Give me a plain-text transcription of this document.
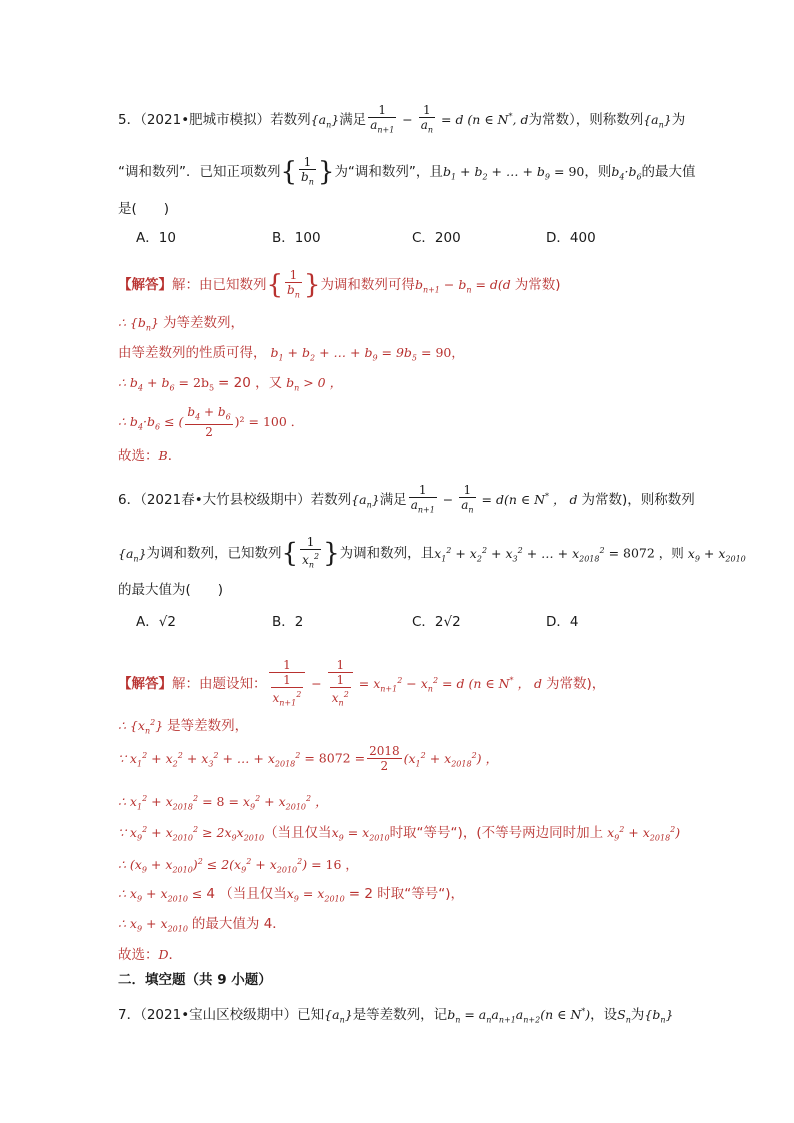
5．（2021•肥城市模拟）若数列$\{a_n\}$满足 $\frac{1}{a_{n+1}} - \frac{1}{a_n} = d$ (n ∈ N*, d为常数），则称数列$\{a_n\}$为
“调和数列”．已知正项数列{ $\frac{1}{b_n}$ }为“调和数列”，且$b_1 + b_2$ + … + $b_9 = 90$，则$b_4\cdot b_6$的最大值
是(　　)
A．10	B．100	C．200	D．400
【解答】解：由已知数列{ $\frac{1}{b_n}$ }为调和数列可得$b_{n+1} - b_n = d(d$ 为常数)
∴ $\{b_n\}$ 为等差数列，
由等差数列的性质可得， $b_1 + b_2$ + … + $b_9 = 9b_5 = 90$，
∴ $b_4 + b_6 = 2b_5 = 20$ ，又 $b_n > 0$ ，
∴ $b_4\cdot b_6$ ≤ ( $\frac{b_4 + b_6}{2} )^2 = 100$ ．
故选：B．
6．（2021春•大竹县校级期中）若数列$\{a_n\}$满足 $\frac{1}{a_{n+1}} - \frac{1}{a_n} = d(n$ ∈ N* ， d 为常数)，则称数列
$\{a_n\}$为调和数列，已知数列{ $\frac{1}{x_n^2}$ }为调和数列，且$x_1^2 + x_2^2 + x_3^2$ + … + $x_{2018}^2 = 8072$ ，则 $x_9 + x_{2010}$
的最大值为(　　)
A．√2	B．2	C．2√2	D．4
【解答】解：由题设知： $\frac{1}{\frac{1}{x_{n+1}^2}} - \frac{1}{\frac{1}{x_n^2}} = x_{n+1}^2 - x_n^2 = d$ (n ∈ N* ， d 为常数)，
∴ $\{x_n^2\}$ 是等差数列，
∵ $x_1^2 + x_2^2 + x_3^2$ + … + $x_{2018}^2 = 8072 = \frac{2018}{2} (x_1^2 + x_{2018}^2)$ ，
∴ $x_1^2 + x_{2018}^2 = 8 = x_9^2 + x_{2010}^2$ ，
∵ $x_9^2 + x_{2010}^2 \ge 2x_9x_{2010}$（当且仅当$x_9 = x_{2010}$时取“等号“)，(不等号两边同时加上 $x_9^2 + x_{2018}^2$)
∴ $(x_9 + x_{2010})^2 \le 2(x_9^2 + x_{2010}^2) = 16$ ，
∴ $x_9 + x_{2010} \le 4$ （当且仅当$x_9 = x_{2010} = 2$ 时取“等号“)，
∴ $x_9 + x_{2010}$ 的最大值为 4．
故选：D．
二．填空题（共 9 小题）
7．（2021•宝山区校级期中）已知$\{a_n\}$是等差数列，记$b_n = a_na_{n+1}a_{n+2}(n$ ∈ N*)，设$S_n$为$\{b_n\}$
